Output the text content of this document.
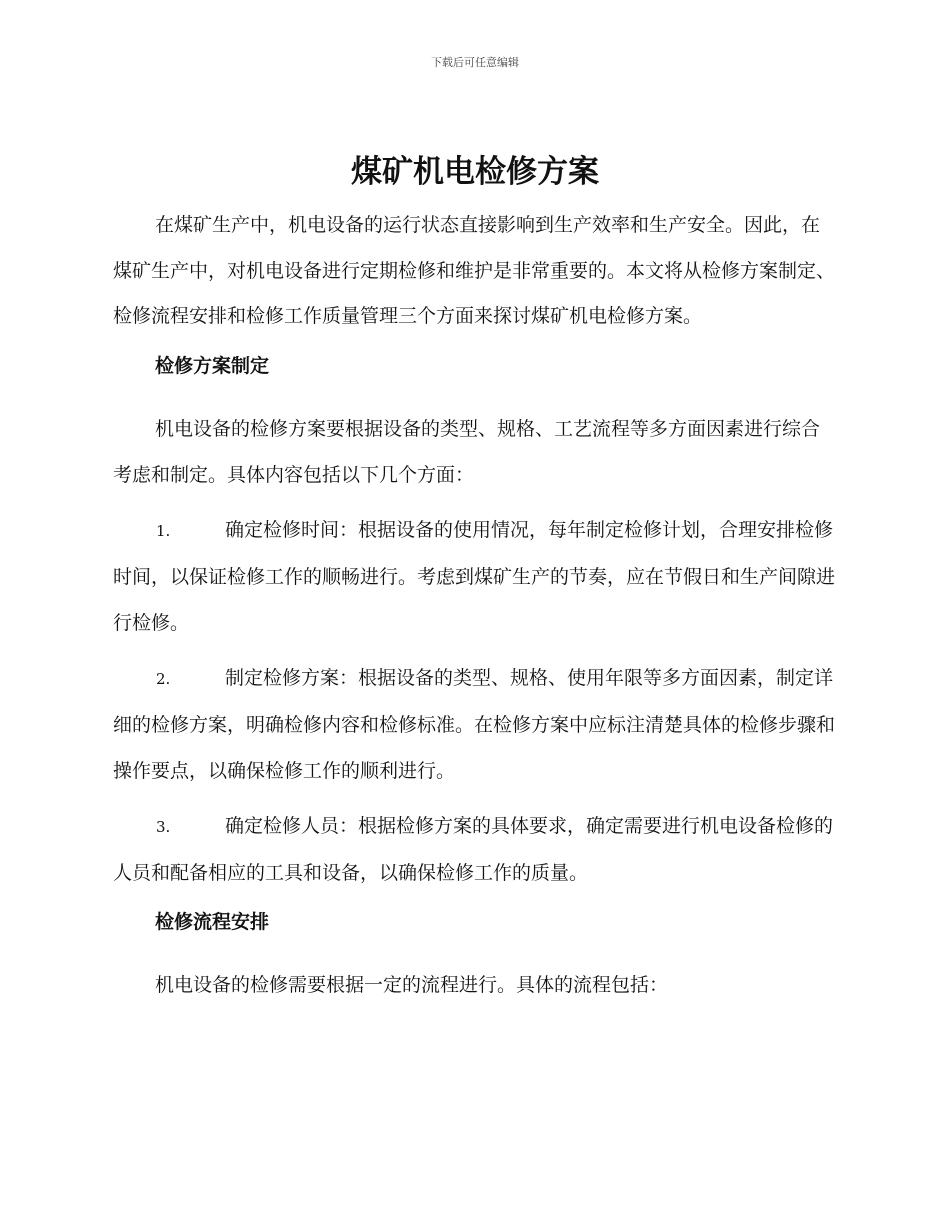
下载后可任意编辑
煤矿机电检修方案

在煤矿生产中，机电设备的运行状态直接影响到生产效率和生产安全。因此，在煤矿生产中，对机电设备进行定期检修和维护是非常重要的。本文将从检修方案制定、检修流程安排和检修工作质量管理三个方面来探讨煤矿机电检修方案。

检修方案制定

机电设备的检修方案要根据设备的类型、规格、工艺流程等多方面因素进行综合考虑和制定。具体内容包括以下几个方面：

1.	确定检修时间：根据设备的使用情况，每年制定检修计划，合理安排检修时间，以保证检修工作的顺畅进行。考虑到煤矿生产的节奏，应在节假日和生产间隙进行检修。

2.	制定检修方案：根据设备的类型、规格、使用年限等多方面因素，制定详细的检修方案，明确检修内容和检修标准。在检修方案中应标注清楚具体的检修步骤和操作要点，以确保检修工作的顺利进行。

3.	确定检修人员：根据检修方案的具体要求，确定需要进行机电设备检修的人员和配备相应的工具和设备，以确保检修工作的质量。

检修流程安排

机电设备的检修需要根据一定的流程进行。具体的流程包括：
